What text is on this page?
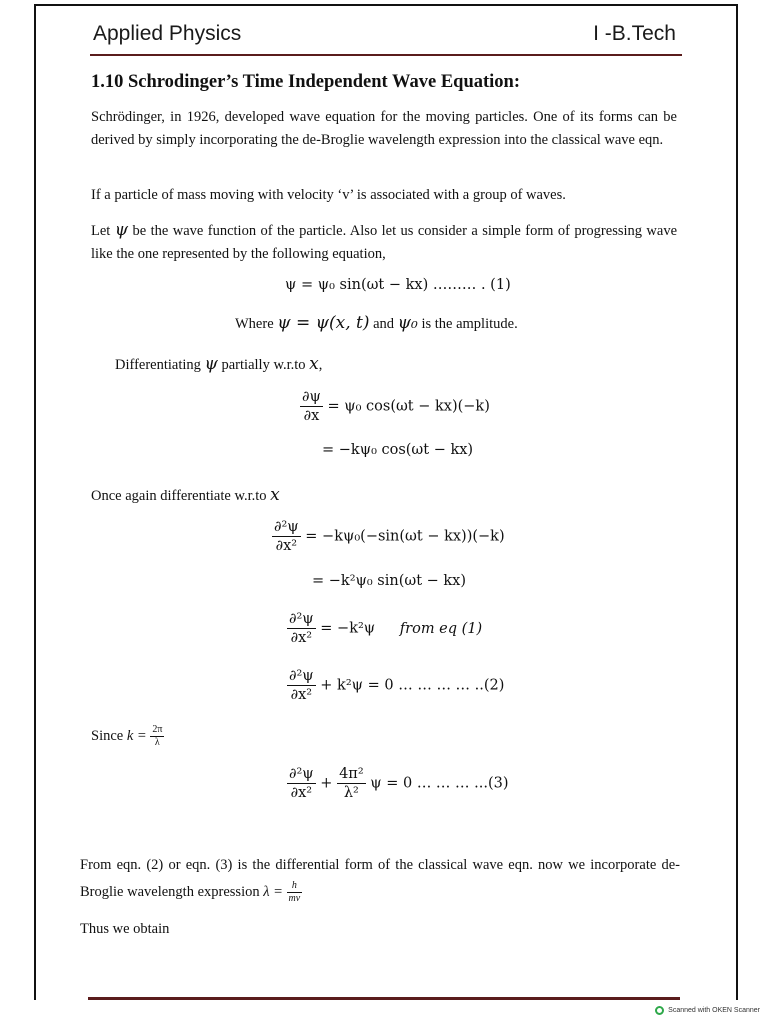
Applied Physics	I -B.Tech
1.10 Schrodinger’s Time Independent Wave Equation:
Schrödinger, in 1926, developed wave equation for the moving particles. One of its forms can be derived by simply incorporating the de-Broglie wavelength expression into the classical wave eqn.
If a particle of mass moving with velocity ‘v’ is associated with a group of waves.
Let ψ be the wave function of the particle. Also let us consider a simple form of progressing wave like the one represented by the following equation,
ψ = ψ₀ sin(ωt − kx) ……… . (1)
Where ψ = ψ(x, t) and ψ₀ is the amplitude.
Differentiating ψ partially w.r.to x,
$\frac{\partial\psi}{\partial x} = \psi_0$ cos(ωt − kx)(−k)
= −kψ₀ cos(ωt − kx)
Once again differentiate w.r.to x
$\frac{\text{∂²ψ}}{\text{∂x²}} = -k\psi_0(-\sin(\omega t - kx))(-k)$
= −k²ψ₀ sin(ωt − kx)
$\frac{\text{∂²ψ}}{\text{∂x²}} = -k^2\psi$ from eq (1)
$\frac{\text{∂²ψ}}{\text{∂x²}} + k^2\psi = 0$ … … … … ..(2)
Since $k = \frac{2\pi}{\lambda}$
$\frac{\text{∂²ψ}}{\text{∂x²}} + \frac{\text{4π²}}{\text{λ²}}$ ψ = 0 … … … ...(3)
From eqn. (2) or eqn. (3) is the differential form of the classical wave eqn. now we incorporate de-Broglie wavelength expression $\lambda = \frac{h}{mv}$
Thus we obtain
Scanned with OKEN Scanner
